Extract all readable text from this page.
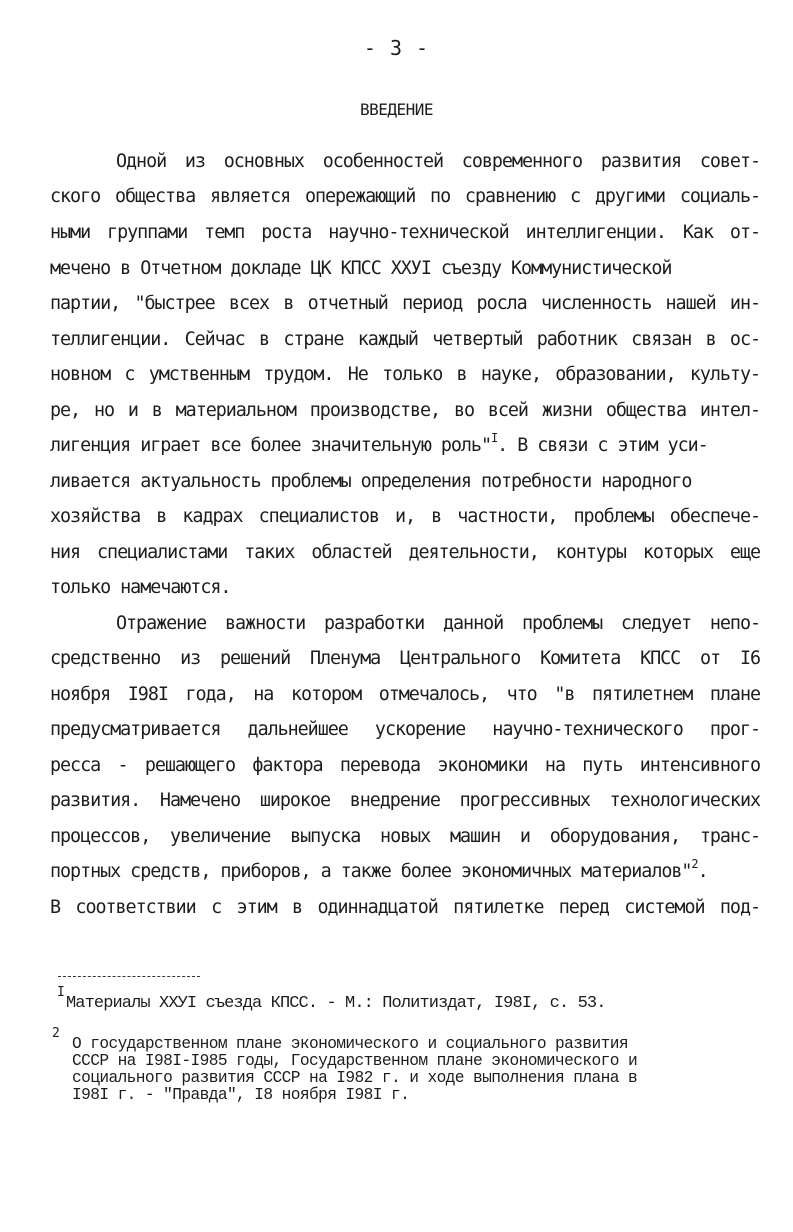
- 3 -
ВВЕДЕНИЕ
Одной из основных особенностей современного развития совет-
ского общества является опережающий по сравнению с другими социаль-
ными группами темп роста научно-технической интеллигенции. Как от-
мечено в Отчетном докладе ЦК КПСС XXУI съезду Коммунистической
партии, "быстрее всех в отчетный период росла численность нашей ин-
теллигенции. Сейчас в стране каждый четвертый работник связан в ос-
новном с умственным трудом. Не только в науке, образовании, культу-
ре, но и в материальном производстве, во всей жизни общества интел-
лигенция играет все более значительную роль"$^I$. В связи с этим уси-
ливается актуальность проблемы определения потребности народного
хозяйства в кадрах специалистов и, в частности, проблемы обеспече-
ния специалистами таких областей деятельности, контуры которых еще
только намечаются.
Отражение важности разработки данной проблемы следует непо-
средственно из решений Пленума Центрального Комитета КПСС от I6
ноября I98I года, на котором отмечалось, что "в пятилетнем плане
предусматривается дальнейшее ускорение научно-технического прог-
ресса - решающего фактора перевода экономики на путь интенсивного
развития. Намечено широкое внедрение прогрессивных технологических
процессов, увеличение выпуска новых машин и оборудования, транс-
портных средств, приборов, а также более экономичных материалов"$^2$.
В соответствии с этим в одиннадцатой пятилетке перед системой под-
I
Материалы XXУI съезда КПСС. - М.: Политиздат, I98I, с. 53.
2
О государственном плане экономического и социального развития
СССР на I98I-I985 годы, Государственном плане экономического и
социального развития СССР на I982 г. и ходе выполнения плана в
I98I г. - "Правда", I8 ноября I98I г.
